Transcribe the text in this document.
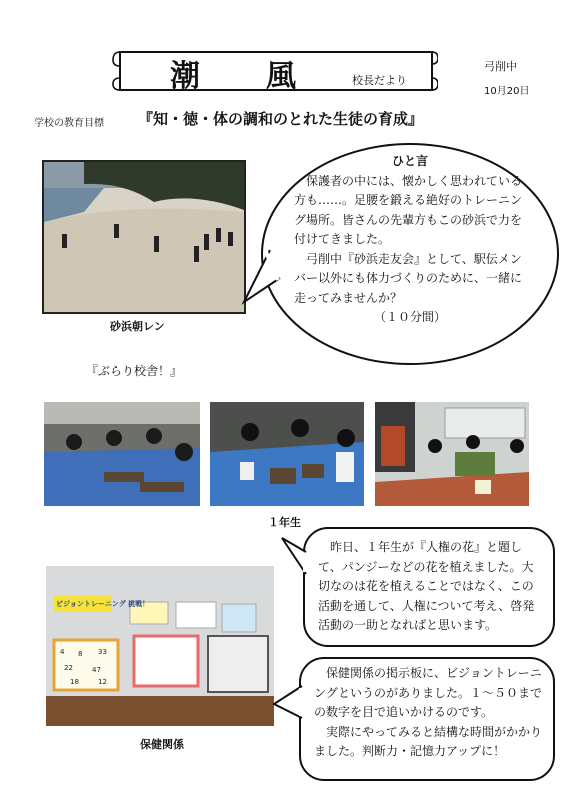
潮　風	校長だより
弓削中
10月20日
学校の教育目標 『知・徳・体の調和のとれた生徒の育成』
砂浜朝レン

ひと言

保護者の中には、懐かしく思われている方も……。足腰を鍛える絶好のトレーニング場所。皆さんの先輩方もこの砂浜で力を付けてきました。

弓削中『砂浜走友会』として、駅伝メンバー以外にも体力づくりのために、一緒に走ってみませんか？

（１０分間）

『ぶらり校舎！』
１年生

昨日、１年生が『人権の花』と題して、パンジーなどの花を植えました。大切なのは花を植えることではなく、この活動を通して、人権について考え、啓発活動の一助となればと思います。

4 8 33
22	47
18	12
ビジョントレーニング 挑戦！
保健関係

保健関係の掲示板に、ビジョントレーニングというのがありました。１〜５０までの数字を目で追いかけるのです。

実際にやってみると結構な時間がかかりました。判断力・記憶力アップに！
